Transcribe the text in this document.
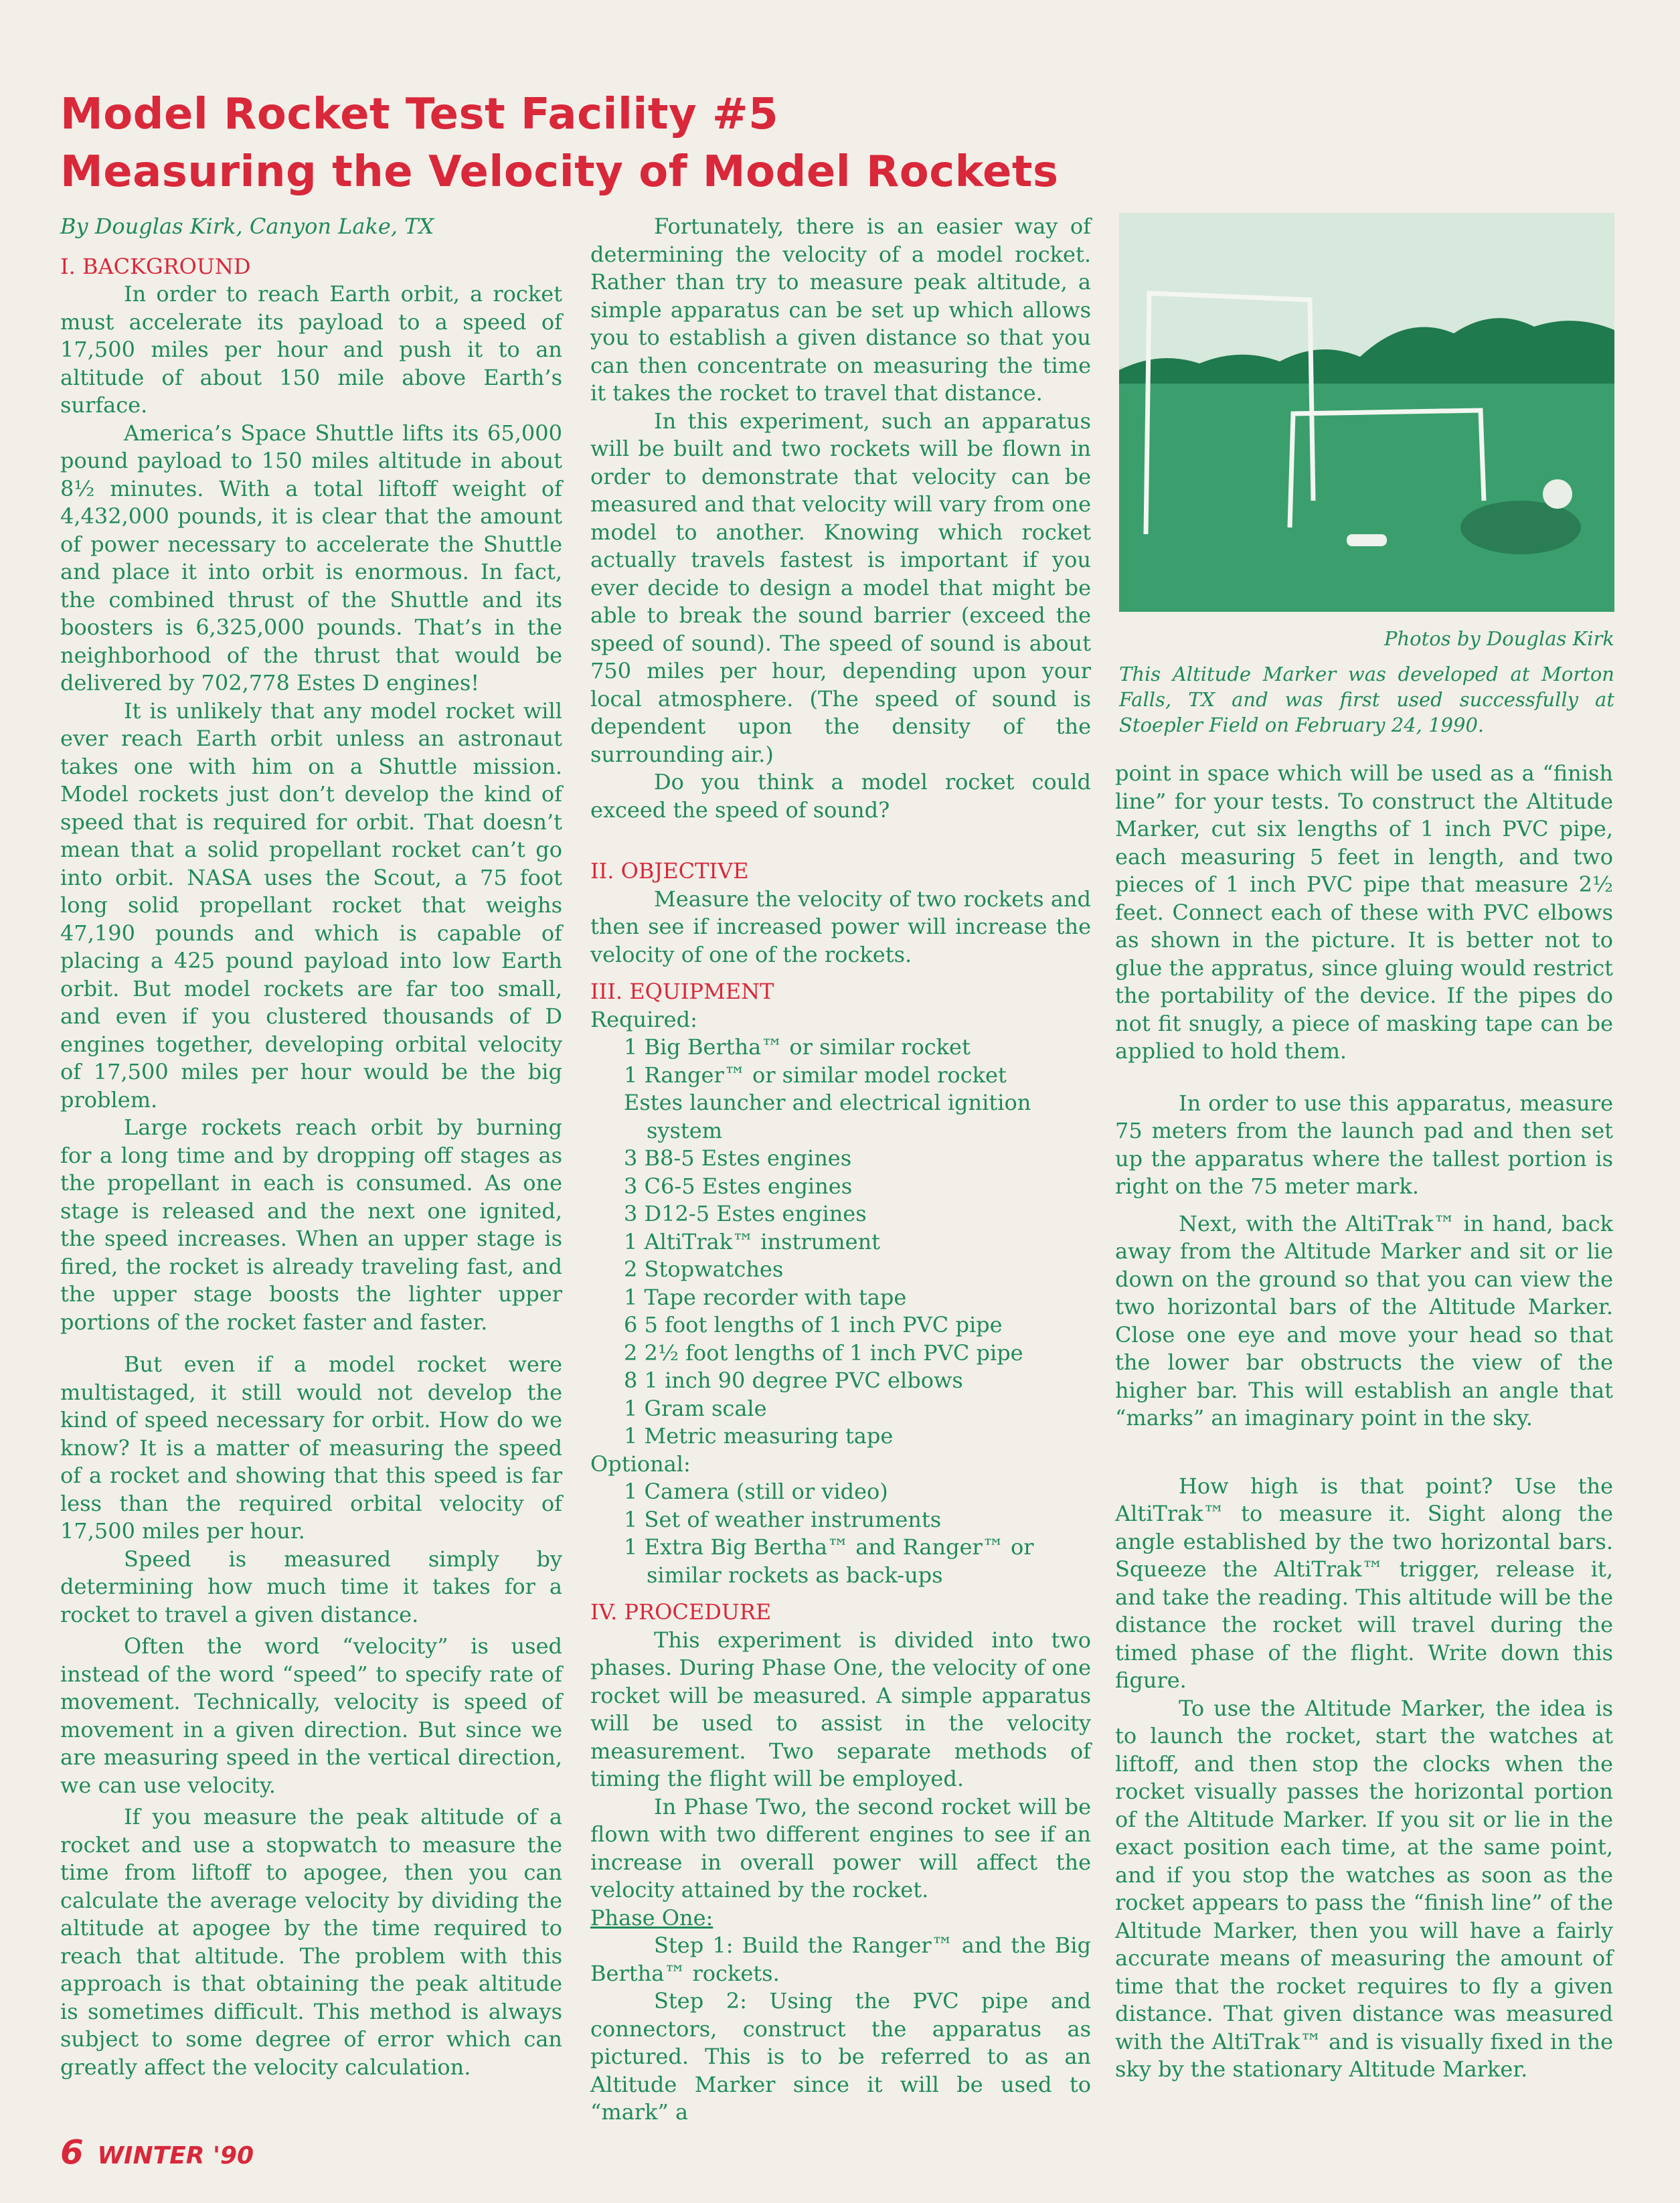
Model Rocket Test Facility #5
Measuring the Velocity of Model Rockets

By Douglas Kirk, Canyon Lake, TX

I. BACKGROUND

In order to reach Earth orbit, a rocket must accelerate its payload to a speed of 17,500 miles per hour and push it to an altitude of about 150 mile above Earth’s surface.

America’s Space Shuttle lifts its 65,000 pound payload to 150 miles altitude in about 8½ minutes. With a total liftoff weight of 4,432,000 pounds, it is clear that the amount of power necessary to accelerate the Shuttle and place it into orbit is enormous. In fact, the combined thrust of the Shuttle and its boosters is 6,325,000 pounds. That’s in the neighborhood of the thrust that would be delivered by 702,778 Estes D engines!

It is unlikely that any model rocket will ever reach Earth orbit unless an astronaut takes one with him on a Shuttle mission. Model rockets just don’t develop the kind of speed that is required for orbit. That doesn’t mean that a solid propellant rocket can’t go into orbit. NASA uses the Scout, a 75 foot long solid propellant rocket that weighs 47,190 pounds and which is capable of placing a 425 pound payload into low Earth orbit. But model rockets are far too small, and even if you clustered thousands of D engines together, developing orbital velocity of 17,500 miles per hour would be the big problem.

Large rockets reach orbit by burning for a long time and by dropping off stages as the propellant in each is consumed. As one stage is released and the next one ignited, the speed increases. When an upper stage is fired, the rocket is already traveling fast, and the upper stage boosts the lighter upper portions of the rocket faster and faster.

But even if a model rocket were multistaged, it still would not develop the kind of speed necessary for orbit. How do we know? It is a matter of measuring the speed of a rocket and showing that this speed is far less than the required orbital velocity of 17,500 miles per hour.

Speed is measured simply by determining how much time it takes for a rocket to travel a given distance.

Often the word “velocity” is used instead of the word “speed” to specify rate of movement. Technically, velocity is speed of movement in a given direction. But since we are measuring speed in the vertical direction, we can use velocity.

If you measure the peak altitude of a rocket and use a stopwatch to measure the time from liftoff to apogee, then you can calculate the average velocity by dividing the altitude at apogee by the time required to reach that altitude. The problem with this approach is that obtaining the peak altitude is sometimes difficult. This method is always subject to some degree of error which can greatly affect the velocity calculation.

Fortunately, there is an easier way of determining the velocity of a model rocket. Rather than try to measure peak altitude, a simple apparatus can be set up which allows you to establish a given distance so that you can then concentrate on measuring the time it takes the rocket to travel that distance.

In this experiment, such an apparatus will be built and two rockets will be flown in order to demonstrate that velocity can be measured and that velocity will vary from one model to another. Knowing which rocket actually travels fastest is important if you ever decide to design a model that might be able to break the sound barrier (exceed the speed of sound). The speed of sound is about 750 miles per hour, depending upon your local atmosphere. (The speed of sound is dependent upon the density of the surrounding air.)

Do you think a model rocket could exceed the speed of sound?

II. OBJECTIVE

Measure the velocity of two rockets and then see if increased power will increase the velocity of one of the rockets.

III. EQUIPMENT

Required:

1 Big Bertha™ or similar rocket
1 Ranger™ or similar model rocket
Estes launcher and electrical ignition
system
3 B8-5 Estes engines
3 C6-5 Estes engines
3 D12-5 Estes engines
1 AltiTrak™ instrument
2 Stopwatches
1 Tape recorder with tape
6 5 foot lengths of 1 inch PVC pipe
2 2½ foot lengths of 1 inch PVC pipe
8 1 inch 90 degree PVC elbows
1 Gram scale
1 Metric measuring tape

Optional:

1 Camera (still or video)
1 Set of weather instruments
1 Extra Big Bertha™ and Ranger™ or
similar rockets as back-ups

IV. PROCEDURE

This experiment is divided into two phases. During Phase One, the velocity of one rocket will be measured. A simple apparatus will be used to assist in the velocity measurement. Two separate methods of timing the flight will be employed.

In Phase Two, the second rocket will be flown with two different engines to see if an increase in overall power will affect the velocity attained by the rocket.

Phase One:

Step 1: Build the Ranger™ and the Big Bertha™ rockets.

Step 2: Using the PVC pipe and connectors, construct the apparatus as pictured. This is to be referred to as an Altitude Marker since it will be used to “mark” a

Photos by Douglas Kirk
This Altitude Marker was developed at Morton Falls, TX and was first used successfully at Stoepler Field on February 24, 1990.

point in space which will be used as a “finish line” for your tests. To construct the Altitude Marker, cut six lengths of 1 inch PVC pipe, each measuring 5 feet in length, and two pieces of 1 inch PVC pipe that measure 2½ feet. Connect each of these with PVC elbows as shown in the picture. It is better not to glue the appratus, since gluing would restrict the portability of the device. If the pipes do not fit snugly, a piece of masking tape can be applied to hold them.

In order to use this apparatus, measure 75 meters from the launch pad and then set up the apparatus where the tallest portion is right on the 75 meter mark.

Next, with the AltiTrak™ in hand, back away from the Altitude Marker and sit or lie down on the ground so that you can view the two horizontal bars of the Altitude Marker. Close one eye and move your head so that the lower bar obstructs the view of the higher bar. This will establish an angle that “marks” an imaginary point in the sky.

How high is that point? Use the AltiTrak™ to measure it. Sight along the angle established by the two horizontal bars. Squeeze the AltiTrak™ trigger, release it, and take the reading. This altitude will be the distance the rocket will travel during the timed phase of the flight. Write down this figure.

To use the Altitude Marker, the idea is to launch the rocket, start the watches at liftoff, and then stop the clocks when the rocket visually passes the horizontal portion of the Altitude Marker. If you sit or lie in the exact position each time, at the same point, and if you stop the watches as soon as the rocket appears to pass the “finish line” of the Altitude Marker, then you will have a fairly accurate means of measuring the amount of time that the rocket requires to fly a given distance. That given distance was measured with the AltiTrak™ and is visually fixed in the sky by the stationary Altitude Marker.

6 WINTER '90
